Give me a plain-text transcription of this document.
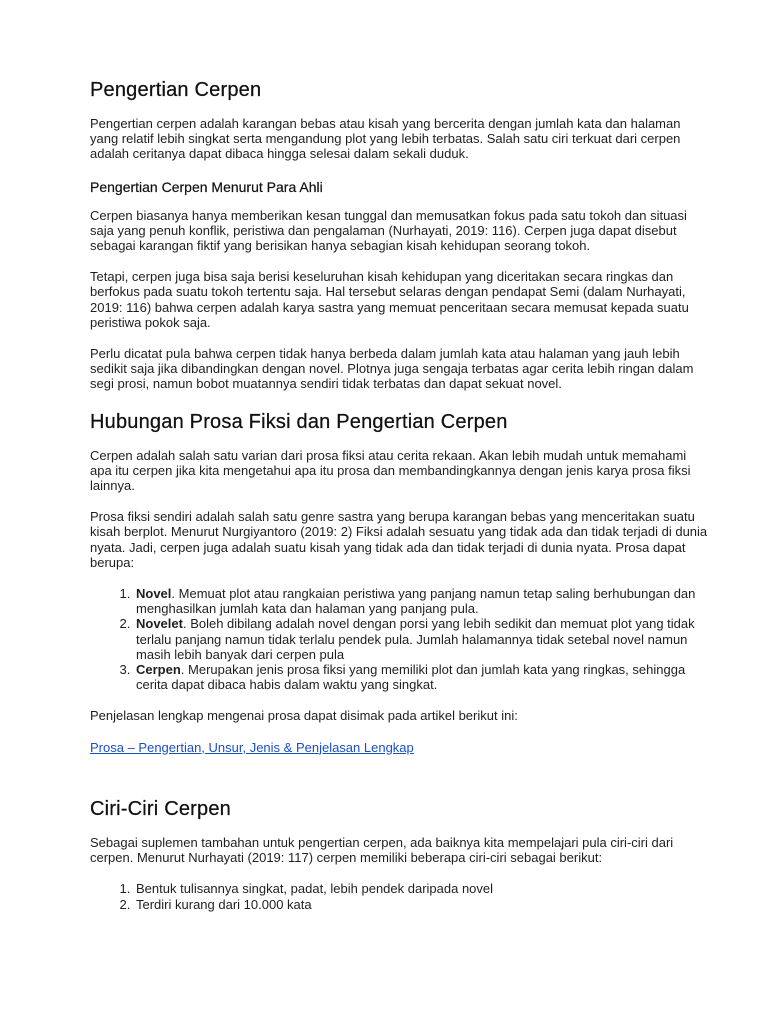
Pengertian Cerpen

Pengertian cerpen adalah karangan bebas atau kisah yang bercerita dengan jumlah kata dan halaman yang relatif lebih singkat serta mengandung plot yang lebih terbatas. Salah satu ciri terkuat dari cerpen adalah ceritanya dapat dibaca hingga selesai dalam sekali duduk.

Pengertian Cerpen Menurut Para Ahli

Cerpen biasanya hanya memberikan kesan tunggal dan memusatkan fokus pada satu tokoh dan situasi saja yang penuh konflik, peristiwa dan pengalaman (Nurhayati, 2019: 116). Cerpen juga dapat disebut sebagai karangan fiktif yang berisikan hanya sebagian kisah kehidupan seorang tokoh.

Tetapi, cerpen juga bisa saja berisi keseluruhan kisah kehidupan yang diceritakan secara ringkas dan berfokus pada suatu tokoh tertentu saja. Hal tersebut selaras dengan pendapat Semi (dalam Nurhayati, 2019: 116) bahwa cerpen adalah karya sastra yang memuat penceritaan secara memusat kepada suatu peristiwa pokok saja.

Perlu dicatat pula bahwa cerpen tidak hanya berbeda dalam jumlah kata atau halaman yang jauh lebih sedikit saja jika dibandingkan dengan novel. Plotnya juga sengaja terbatas agar cerita lebih ringan dalam segi prosi, namun bobot muatannya sendiri tidak terbatas dan dapat sekuat novel.

Hubungan Prosa Fiksi dan Pengertian Cerpen

Cerpen adalah salah satu varian dari prosa fiksi atau cerita rekaan. Akan lebih mudah untuk memahami apa itu cerpen jika kita mengetahui apa itu prosa dan membandingkannya dengan jenis karya prosa fiksi lainnya.

Prosa fiksi sendiri adalah salah satu genre sastra yang berupa karangan bebas yang menceritakan suatu kisah berplot. Menurut Nurgiyantoro (2019: 2) Fiksi adalah sesuatu yang tidak ada dan tidak terjadi di dunia nyata. Jadi, cerpen juga adalah suatu kisah yang tidak ada dan tidak terjadi di dunia nyata. Prosa dapat berupa:

1. Novel. Memuat plot atau rangkaian peristiwa yang panjang namun tetap saling berhubungan dan menghasilkan jumlah kata dan halaman yang panjang pula.
2. Novelet. Boleh dibilang adalah novel dengan porsi yang lebih sedikit dan memuat plot yang tidak terlalu panjang namun tidak terlalu pendek pula. Jumlah halamannya tidak setebal novel namun masih lebih banyak dari cerpen pula
3. Cerpen. Merupakan jenis prosa fiksi yang memiliki plot dan jumlah kata yang ringkas, sehingga cerita dapat dibaca habis dalam waktu yang singkat.

Penjelasan lengkap mengenai prosa dapat disimak pada artikel berikut ini:

Prosa – Pengertian, Unsur, Jenis & Penjelasan Lengkap
Ciri-Ciri Cerpen

Sebagai suplemen tambahan untuk pengertian cerpen, ada baiknya kita mempelajari pula ciri-ciri dari cerpen. Menurut Nurhayati (2019: 117) cerpen memiliki beberapa ciri-ciri sebagai berikut:

1. Bentuk tulisannya singkat, padat, lebih pendek daripada novel
2. Terdiri kurang dari 10.000 kata
